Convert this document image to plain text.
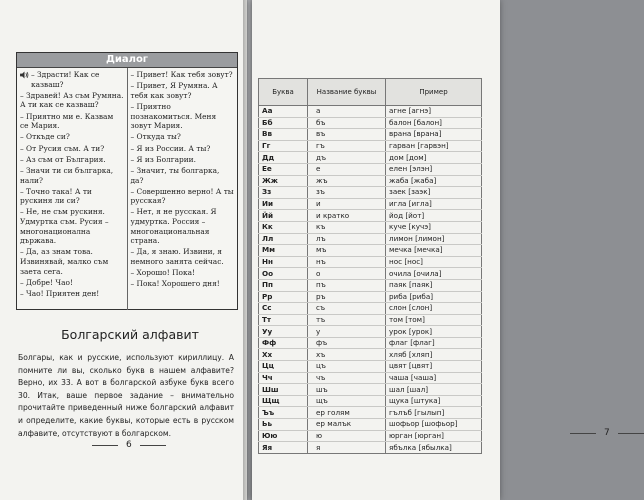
Диалог
– Здрасти! Как се казваш?
– Здравей! Аз съм Румяна. А ти как се казваш?
– Приятно ми е. Казвам се Мария.
– Откъде си?
– От Русия съм. А ти?
– Аз съм от България.
– Значи ти си българка, нали?
– Точно така! А ти рускиня ли си?
– Не, не съм рускиня. Удмуртка съм. Русия – многонационална държава.
– Да, аз знам това. Извинявай, малко съм заета сега.
– Добре! Чао!
– Чао! Приятен ден!
– Привет! Как тебя зовут?
– Привет, Я Румяна. А тебя как зовут?
– Приятно познакомиться. Меня зовут Мария.
– Откуда ты?
– Я из России. А ты?
– Я из Болгарии.
– Значит, ты болгарка, да?
– Совершенно верно! А ты русская?
– Нет, я не русская. Я удмуртка. Россия – многонациональная страна.
– Да, я знаю. Извини, я немного занята сейчас.
– Хорошо! Пока!
– Пока! Хорошего дня!
Болгарский алфавит
Болгары, как и русские, используют кириллицу. А помните ли вы, сколько букв в нашем алфавите? Верно, их 33. А вот в болгарской азбуке букв всего 30. Итак, ваше первое задание – внимательно прочитайте приведенный ниже болгарский алфавит и определите, какие буквы, которые есть в русском алфавите, отсутствуют в болгарском.
6
7
Буква	Название буквы	Пример
Аа	а	агне [агнэ]
Бб	бъ	балон [балон]
Вв	въ	врана [врана]
Гг	гъ	гарван [гарвэн]
Дд	дъ	дом [дом]
Ее	е	елен [элэн]
Жж	жъ	жаба [жаба]
Зз	зъ	заек [заэк]
Ии	и	игла [игла]
Йй	и кратко	йод [йот]
Кк	къ	куче [кучэ]
Лл	лъ	лимон [лимон]
Мм	мъ	мечка [мечка]
Нн	нъ	нос [нос]
Оо	о	очила [очила]
Пп	пъ	паяк [паяк]
Рр	ръ	риба [риба]
Сс	съ	слон [слон]
Тт	тъ	том [том]
Уу	у	урок [урок]
Фф	фъ	флаг [флаг]
Хх	хъ	хляб [хляп]
Цц	цъ	цвят [цвят]
Чч	чъ	чаша [чаша]
Шш	шъ	шал [шал]
Щщ	щъ	щука [штука]
Ъъ	ер голям	гълъб [гылып]
Ьь	ер малък	шофьор [шофьор]
Юю	ю	юрган [юрган]
Яя	я	ябълка [ябылка]
